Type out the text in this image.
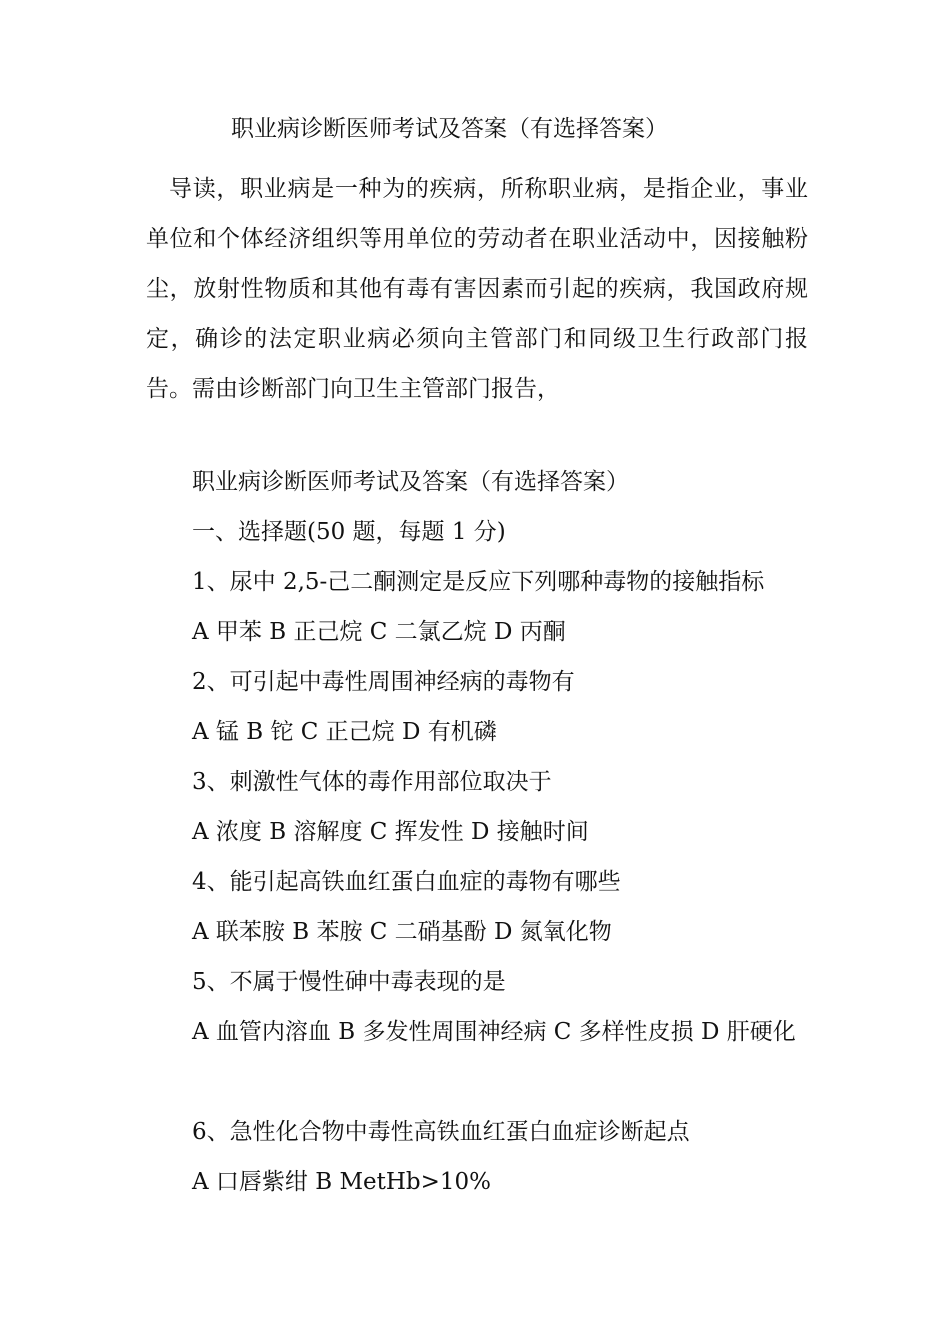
职业病诊断医师考试及答案（有选择答案）

导读，职业病是一种为的疾病，所称职业病，是指企业，事业单位和个体经济组织等用单位的劳动者在职业活动中，因接触粉尘，放射性物质和其他有毒有害因素而引起的疾病，我国政府规定，确诊的法定职业病必须向主管部门和同级卫生行政部门报告。需由诊断部门向卫生主管部门报告，

职业病诊断医师考试及答案（有选择答案）
一、选择题(50 题，每题 1 分)
1、尿中 2,5-己二酮测定是反应下列哪种毒物的接触指标
A 甲苯 B 正己烷 C 二氯乙烷 D 丙酮
2、可引起中毒性周围神经病的毒物有
A 锰 B 铊 C 正己烷 D 有机磷
3、刺激性气体的毒作用部位取决于
A 浓度 B 溶解度 C 挥发性 D 接触时间
4、能引起高铁血红蛋白血症的毒物有哪些
A 联苯胺 B 苯胺 C 二硝基酚 D 氮氧化物
5、不属于慢性砷中毒表现的是

A 血管内溶血 B 多发性周围神经病 C 多样性皮损 D 肝硬化

6、急性化合物中毒性高铁血红蛋白血症诊断起点
A 口唇紫绀 B MetHb>10%
